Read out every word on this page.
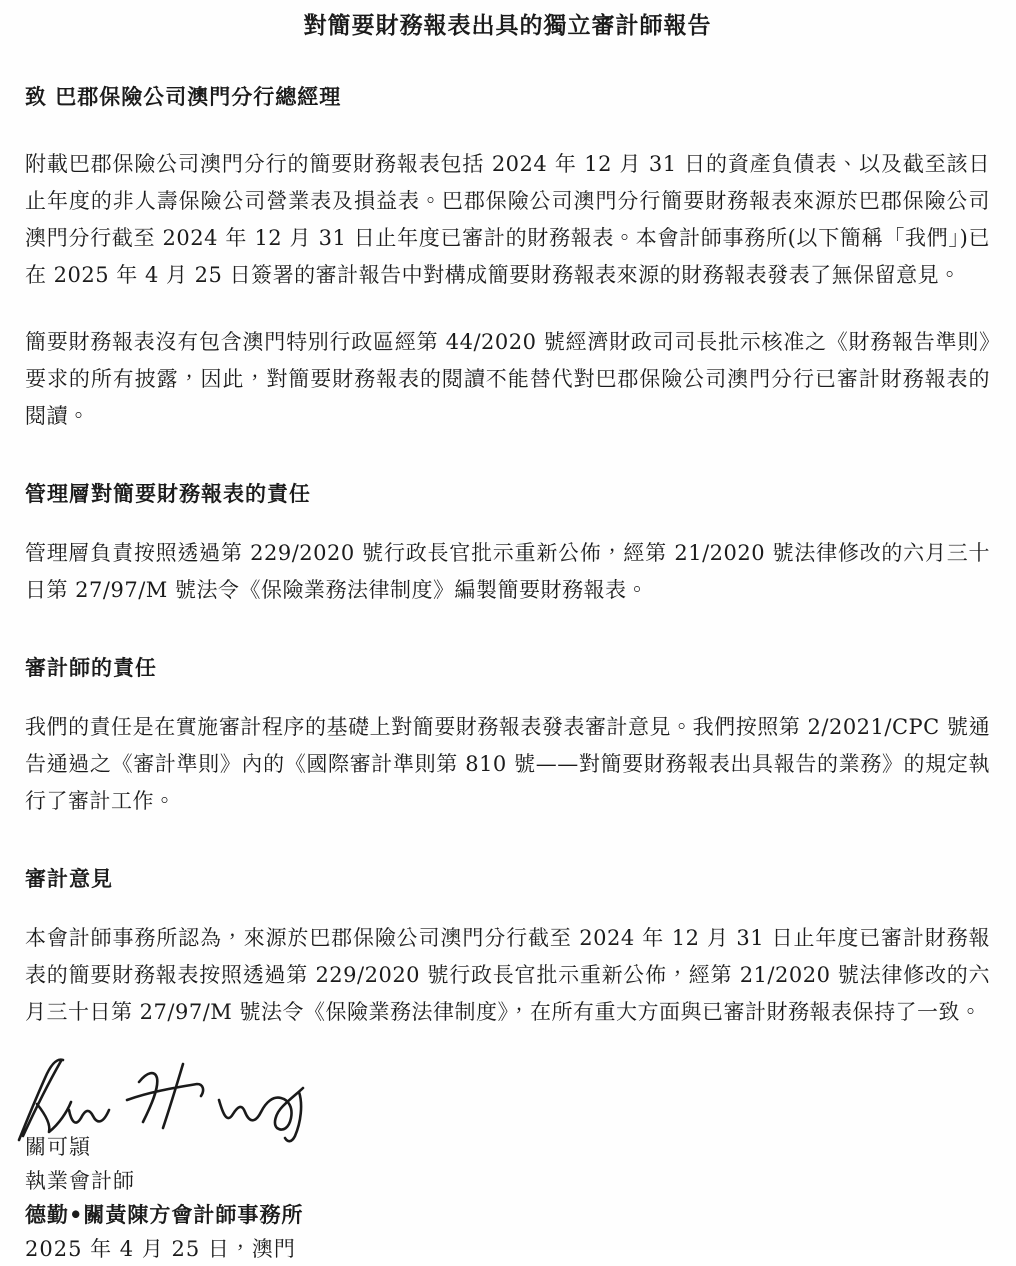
對簡要財務報表出具的獨立審計師報告

致 巴郡保險公司澳門分行總經理

附載巴郡保險公司澳門分行的簡要財務報表包括 2024 年 12 月 31 日的資產負債表、以及截至該日止年度的非人壽保險公司營業表及損益表。巴郡保險公司澳門分行簡要財務報表來源於巴郡保險公司澳門分行截至 2024 年 12 月 31 日止年度已審計的財務報表。本會計師事務所(以下簡稱「我們」)已在 2025 年 4 月 25 日簽署的審計報告中對構成簡要財務報表來源的財務報表發表了無保留意見。

簡要財務報表沒有包含澳門特別行政區經第 44/2020 號經濟財政司司長批示核准之《財務報告準則》要求的所有披露，因此，對簡要財務報表的閱讀不能替代對巴郡保險公司澳門分行已審計財務報表的閱讀。

管理層對簡要財務報表的責任

管理層負責按照透過第 229/2020 號行政長官批示重新公佈，經第 21/2020 號法律修改的六月三十日第 27/97/M 號法令《保險業務法律制度》編製簡要財務報表。

審計師的責任

我們的責任是在實施審計程序的基礎上對簡要財務報表發表審計意見。我們按照第 2/2021/CPC 號通告通過之《審計準則》內的《國際審計準則第 810 號——對簡要財務報表出具報告的業務》的規定執行了審計工作。

審計意見

本會計師事務所認為，來源於巴郡保險公司澳門分行截至 2024 年 12 月 31 日止年度已審計財務報表的簡要財務報表按照透過第 229/2020 號行政長官批示重新公佈，經第 21/2020 號法律修改的六月三十日第 27/97/M 號法令《保險業務法律制度》，在所有重大方面與已審計財務報表保持了一致。

關可頴
執業會計師
德勤•關黃陳方會計師事務所
2025 年 4 月 25 日，澳門
